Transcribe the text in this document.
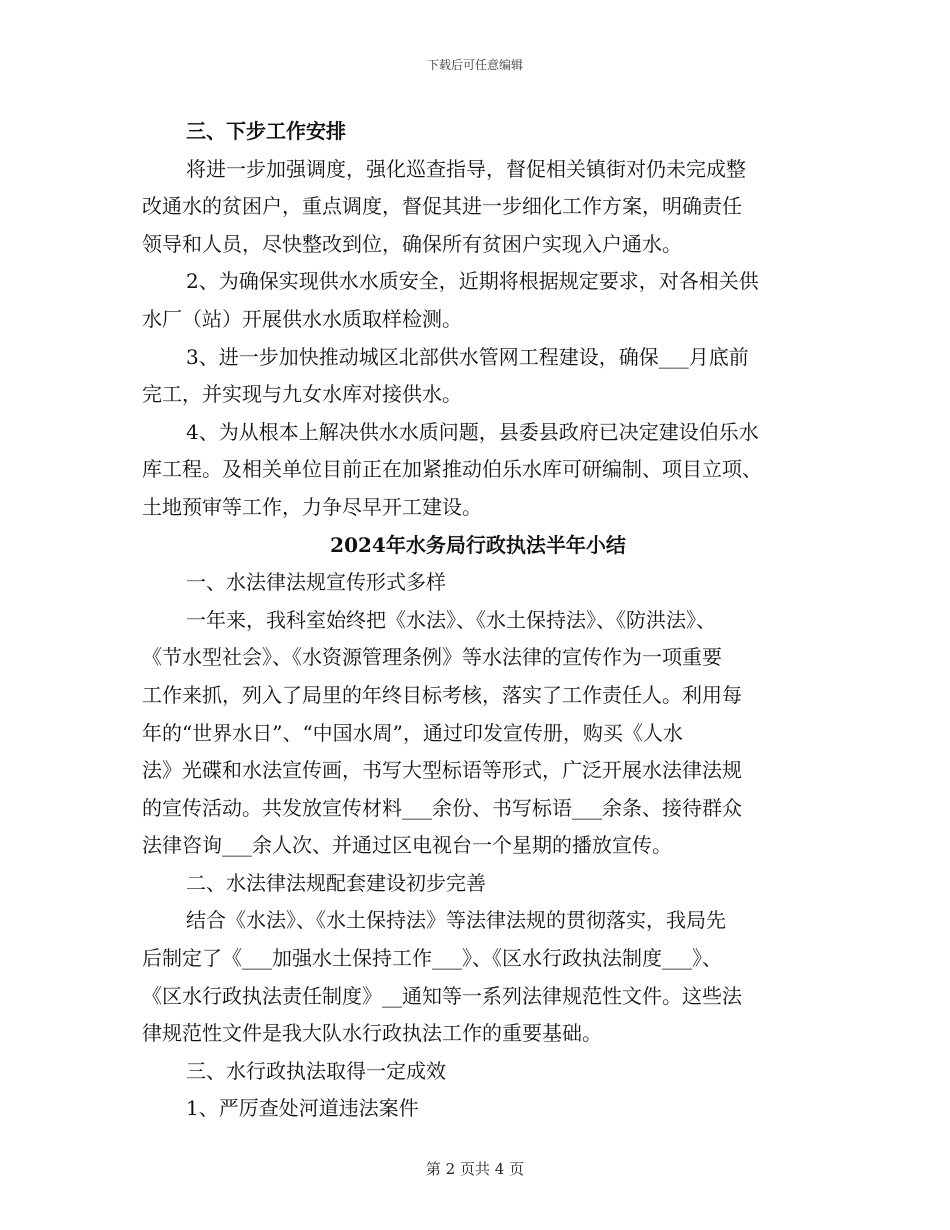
下载后可任意编辑
三、下步工作安排
将进一步加强调度，强化巡查指导，督促相关镇街对仍未完成整
改通水的贫困户，重点调度，督促其进一步细化工作方案，明确责任
领导和人员，尽快整改到位，确保所有贫困户实现入户通水。
2、为确保实现供水水质安全，近期将根据规定要求，对各相关供
水厂（站）开展供水水质取样检测。
3、进一步加快推动城区北部供水管网工程建设，确保___月底前
完工，并实现与九女水库对接供水。
4、为从根本上解决供水水质问题，县委县政府已决定建设伯乐水
库工程。及相关单位目前正在加紧推动伯乐水库可研编制、项目立项、
土地预审等工作，力争尽早开工建设。
2024年水务局行政执法半年小结
一、水法律法规宣传形式多样
一年来，我科室始终把《水法》、《水土保持法》、《防洪法》、
《节水型社会》、《水资源管理条例》等水法律的宣传作为一项重要
工作来抓，列入了局里的年终目标考核，落实了工作责任人。利用每
年的“世界水日”、“中国水周”，通过印发宣传册，购买《人水
法》光碟和水法宣传画，书写大型标语等形式，广泛开展水法律法规
的宣传活动。共发放宣传材料___余份、书写标语___余条、接待群众
法律咨询___余人次、并通过区电视台一个星期的播放宣传。
二、水法律法规配套建设初步完善
结合《水法》、《水土保持法》等法律法规的贯彻落实，我局先
后制定了《___加强水土保持工作___》、《区水行政执法制度___》、
《区水行政执法责任制度》__通知等一系列法律规范性文件。这些法
律规范性文件是我大队水行政执法工作的重要基础。
三、水行政执法取得一定成效
1、严厉查处河道违法案件
第 2 页共 4 页
